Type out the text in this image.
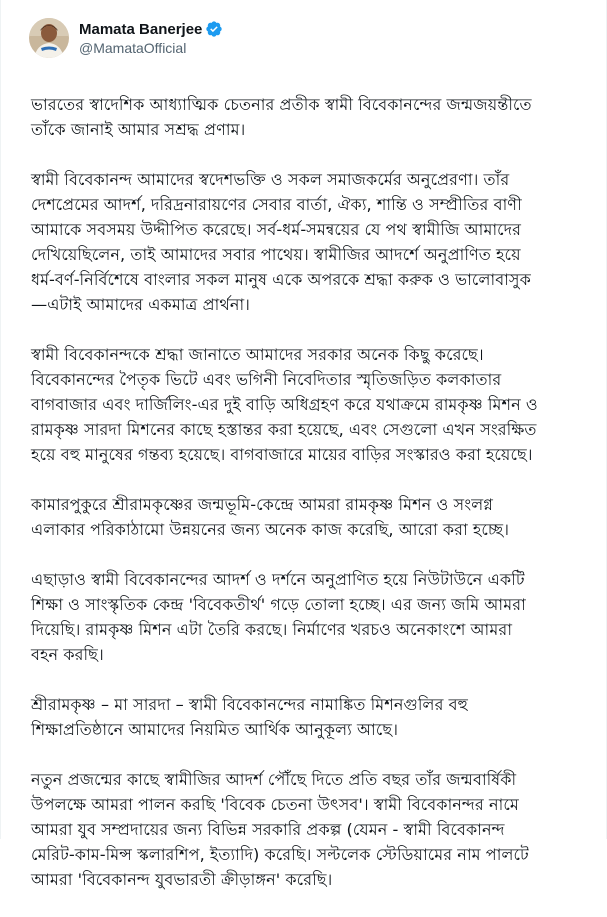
Mamata Banerjee
@MamataOfficial

ভারতের স্বাদেশিক আধ্যাত্মিক চেতনার প্রতীক স্বামী বিবেকানন্দের জন্মজয়ন্তীতে
তাঁকে জানাই আমার সশ্রদ্ধ প্রণাম।

স্বামী বিবেকানন্দ আমাদের স্বদেশভক্তি ও সকল সমাজকর্মের অনুপ্রেরণা। তাঁর
দেশপ্রেমের আদর্শ, দরিদ্রনারায়ণের সেবার বার্তা, ঐক্য, শান্তি ও সম্প্রীতির বাণী
আমাকে সবসময় উদ্দীপিত করেছে। সর্ব-ধর্ম-সমন্বয়ের যে পথ স্বামীজি আমাদের
দেখিয়েছিলেন, তাই আমাদের সবার পাথেয়। স্বামীজির আদর্শে অনুপ্রাণিত হয়ে
ধর্ম-বর্ণ-নির্বিশেষে বাংলার সকল মানুষ একে অপরকে শ্রদ্ধা করুক ও ভালোবাসুক
—এটাই আমাদের একমাত্র প্রার্থনা।

স্বামী বিবেকানন্দকে শ্রদ্ধা জানাতে আমাদের সরকার অনেক কিছু করেছে।
বিবেকানন্দের পৈতৃক ভিটে এবং ভগিনী নিবেদিতার স্মৃতিজড়িত কলকাতার
বাগবাজার এবং দার্জিলিং-এর দুই বাড়ি অধিগ্রহণ করে যথাক্রমে রামকৃষ্ণ মিশন ও
রামকৃষ্ণ সারদা মিশনের কাছে হস্তান্তর করা হয়েছে, এবং সেগুলো এখন সংরক্ষিত
হয়ে বহু মানুষের গন্তব্য হয়েছে। বাগবাজারে মায়ের বাড়ির সংস্কারও করা হয়েছে।

কামারপুকুরে শ্রীরামকৃষ্ণের জন্মভূমি-কেন্দ্রে আমরা রামকৃষ্ণ মিশন ও সংলগ্ন
এলাকার পরিকাঠামো উন্নয়নের জন্য অনেক কাজ করেছি, আরো করা হচ্ছে।

এছাড়াও স্বামী বিবেকানন্দের আদর্শ ও দর্শনে অনুপ্রাণিত হয়ে নিউটাউনে একটি
শিক্ষা ও সাংস্কৃতিক কেন্দ্র 'বিবেকতীর্থ' গড়ে তোলা হচ্ছে। এর জন্য জমি আমরা
দিয়েছি। রামকৃষ্ণ মিশন এটা তৈরি করছে। নির্মাণের খরচও অনেকাংশে আমরা
বহন করছি।

শ্রীরামকৃষ্ণ – মা সারদা – স্বামী বিবেকানন্দের নামাঙ্কিত মিশনগুলির বহু
শিক্ষাপ্রতিষ্ঠানে আমাদের নিয়মিত আর্থিক আনুকূল্য আছে।

নতুন প্রজন্মের কাছে স্বামীজির আদর্শ পৌঁছে দিতে প্রতি বছর তাঁর জন্মবার্ষিকী
উপলক্ষে আমরা পালন করছি 'বিবেক চেতনা উৎসব'। স্বামী বিবেকানন্দর নামে
আমরা যুব সম্প্রদায়ের জন্য বিভিন্ন সরকারি প্রকল্প (যেমন - স্বামী বিবেকানন্দ
মেরিট-কাম-মিন্স স্কলারশিপ, ইত্যাদি) করেছি। সল্টলেক স্টেডিয়ামের নাম পালটে
আমরা 'বিবেকানন্দ যুবভারতী ক্রীড়াঙ্গন' করেছি।
